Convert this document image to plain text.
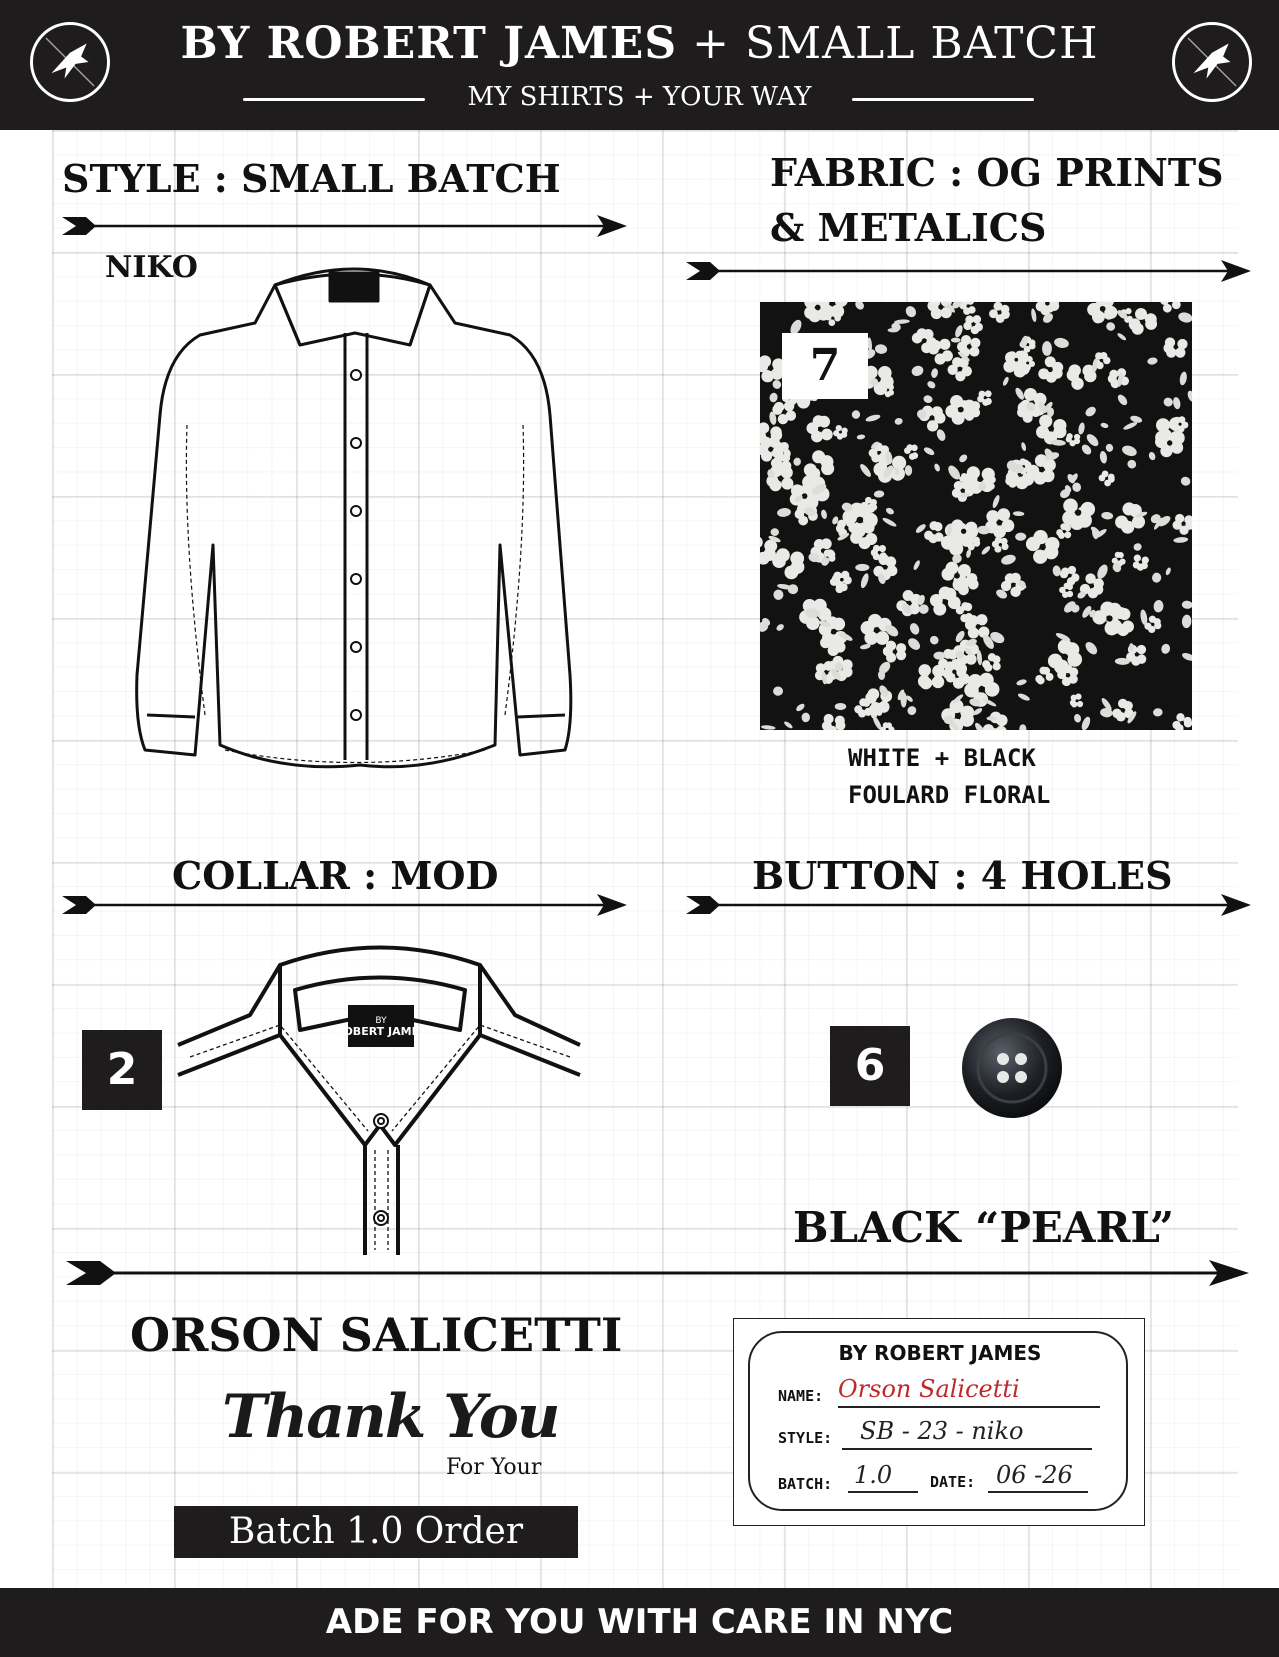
BY ROBERT JAMES + SMALL BATCH
MY SHIRTS + YOUR WAY
STYLE : SMALL BATCH
NIKO
FABRIC : OG PRINTS
& METALICS
7
WHITE + BLACK
FOULARD FLORAL
COLLAR : MOD
2
BY
ROBERT JAMES
BUTTON : 4 HOLES
6
BLACK “PEARL”
ORSON SALICETTI
Thank You
For Your
Batch 1.0 Order
BY ROBERT JAMES
NAME: Orson Salicetti
STYLE: SB - 23 - niko
BATCH: 1.0	DATE: 06 -26
ADE FOR YOU WITH CARE IN NYC
